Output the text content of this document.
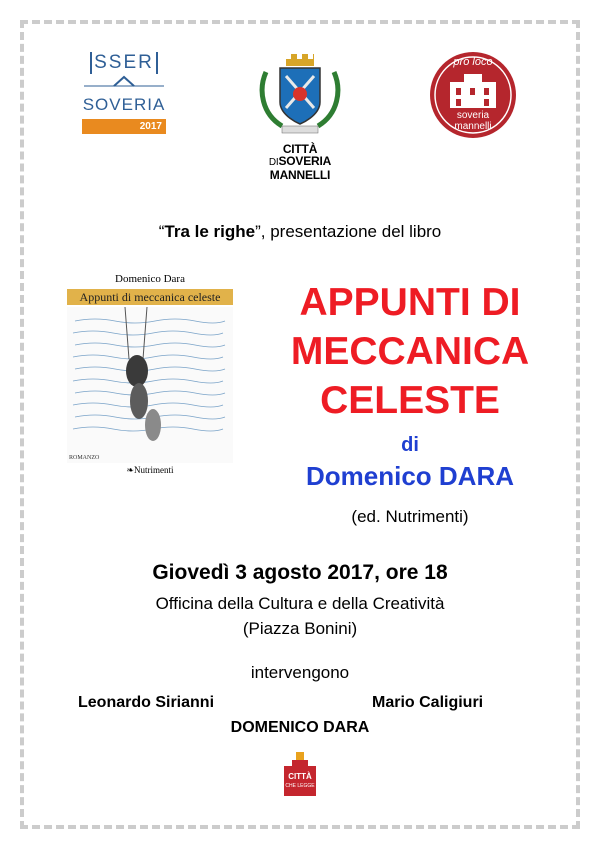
SSER
SOVERIA
2017
CITTÀ
DISOVERIA
MANNELLI
pro loco
soveria
mannelli
“Tra le righe”, presentazione del libro
Domenico Dara
Appunti di meccanica celeste
ROMANZO
❧Nutrimenti
APPUNTI DI
MECCANICA
CELESTE
di
Domenico DARA
(ed. Nutrimenti)
Giovedì 3 agosto 2017, ore 18
Officina della Cultura e della Creatività
(Piazza Bonini)
intervengono
Leonardo Sirianni	Mario Caligiuri
DOMENICO DARA
CITTÀ
CHE LEGGE
